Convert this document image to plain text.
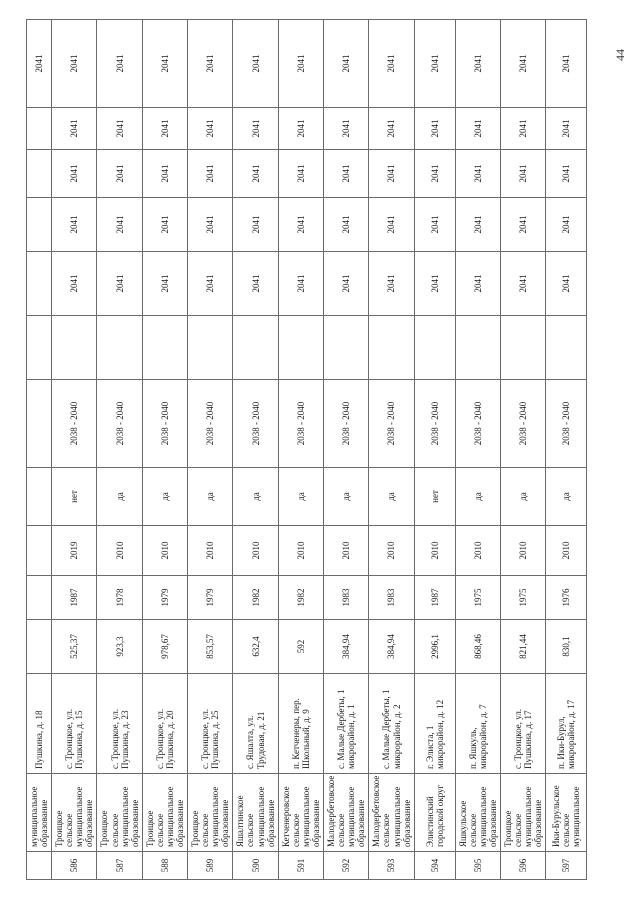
	муниципальное образование	Пушкина, д. 18											2041
586	Троицкое сельское муниципальное образование	с. Троицкое, ул. Пушкина, д. 15	525,37	1987	2019	нет	2038 - 2040		2041	2041	2041	2041	2041
587	Троицкое сельское муниципальное образование	с. Троицкое, ул. Пушкина, д. 23	923,3	1978	2010	да	2038 - 2040		2041	2041	2041	2041	2041
588	Троицкое сельское муниципальное образование	с. Троицкое, ул. Пушкина, д. 20	978,67	1979	2010	да	2038 - 2040		2041	2041	2041	2041	2041
589	Троицкое сельское муниципальное образование	с. Троицкое, ул. Пушкина, д. 25	853,57	1979	2010	да	2038 - 2040		2041	2041	2041	2041	2041
590	Яшалтинское сельское муниципальное образование	с. Яшалта, ул. Трудовая, д. 21	632,4	1982	2010	да	2038 - 2040		2041	2041	2041	2041	2041
591	Кетченеровское сельское муниципальное образование	п. Кетченеры, пер. Школьный, д. 9	592	1982	2010	да	2038 - 2040		2041	2041	2041	2041	2041
592	Малодербетовское сельское муниципальное образование	с. Малые Дербеты, 1 микрорайон, д. 1	384,94	1983	2010	да	2038 - 2040		2041	2041	2041	2041	2041
593	Малодербетовское сельское муниципальное образование	с. Малые Дербеты, 1 микрорайон, д. 2	384,94	1983	2010	да	2038 - 2040		2041	2041	2041	2041	2041
594	Элистинский городской округ	г. Элиста, 1 микрорайон, д. 12	2996,1	1987	2010	нет	2038 - 2040		2041	2041	2041	2041	2041
595	Яшкульское сельское муниципальное образование	п. Яшкуль, микрорайон, д. 7	868,46	1975	2010	да	2038 - 2040		2041	2041	2041	2041	2041
596	Троицкое сельское муниципальное образование	с. Троицкое, ул. Пушкина, д. 17	821,44	1975	2010	да	2038 - 2040		2041	2041	2041	2041	2041
597	Ики-Бурульское сельское муниципальное	п. Ики-Бурул, микрорайон, д. 17	830,1	1976	2010	да	2038 - 2040		2041	2041	2041	2041	2041	44
